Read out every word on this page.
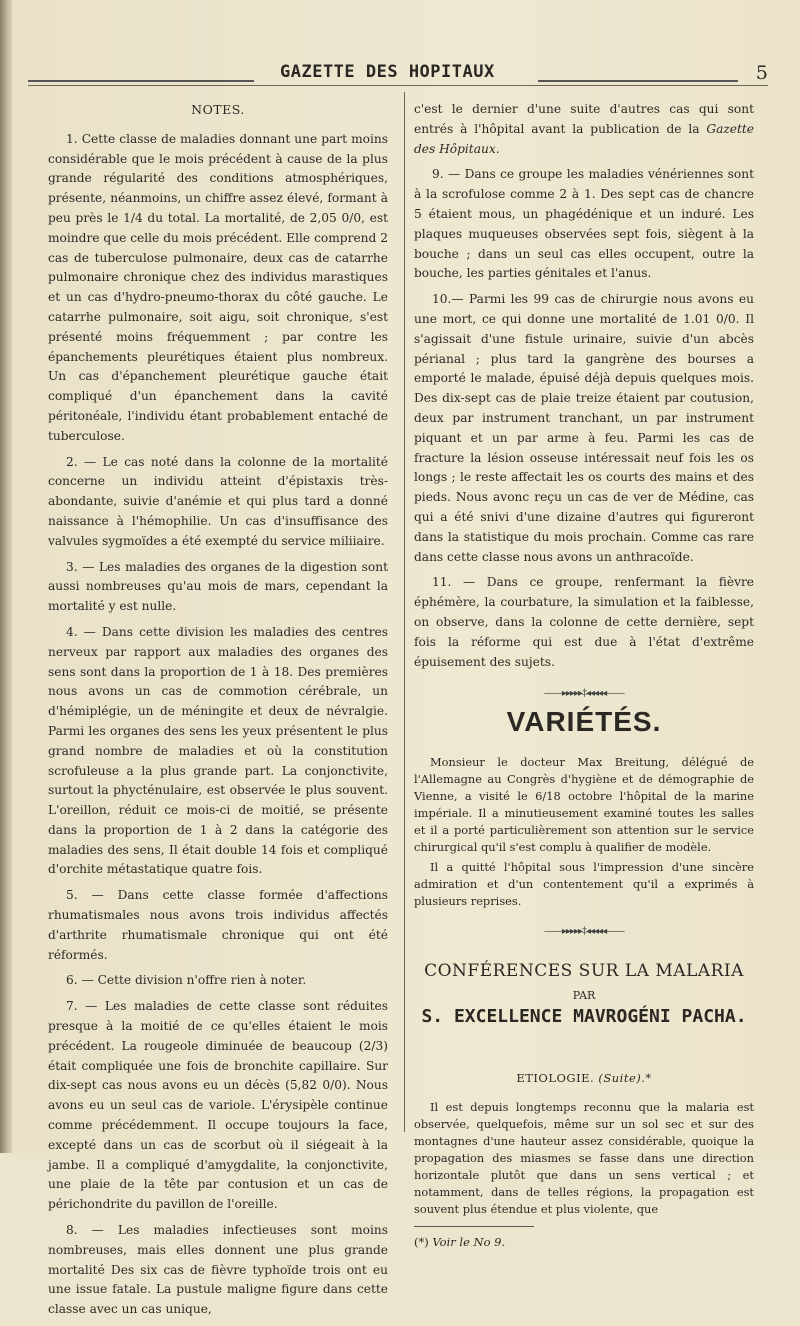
GAZETTE DES HOPITAUX	5
NOTES.

1. Cette classe de maladies donnant une part moins considérable que le mois précédent à cause de la plus grande régularité des conditions atmosphériques, présente, néanmoins, un chiffre assez élevé, formant à peu près le 1/4 du total. La mortalité, de 2,05 0/0, est moindre que celle du mois précédent. Elle comprend 2 cas de tuberculose pulmonaire, deux cas de catarrhe pulmonaire chronique chez des individus marastiques et un cas d'hydro-pneumo-thorax du côté gauche. Le catarrhe pulmonaire, soit aigu, soit chronique, s'est présenté moins fréquemment ; par contre les épanchements pleurétiques étaient plus nombreux. Un cas d'épanchement pleurétique gauche était compliqué d'un épanchement dans la cavité péritonéale, l'individu étant probablement entaché de tuberculose.

2. — Le cas noté dans la colonne de la mortalité concerne un individu atteint d'épistaxis très-abondante, suivie d'anémie et qui plus tard a donné naissance à l'hémophilie. Un cas d'insuffisance des valvules sygmoïdes a été exempté du service miliiaire.

3. — Les maladies des organes de la digestion sont aussi nombreuses qu'au mois de mars, cependant la mortalité y est nulle.

4. — Dans cette division les maladies des centres nerveux par rapport aux maladies des organes des sens sont dans la proportion de 1 à 18. Des premières nous avons un cas de commotion cérébrale, un d'hémiplégie, un de méningite et deux de névralgie. Parmi les organes des sens les yeux présentent le plus grand nombre de maladies et où la constitution scrofuleuse a la plus grande part. La conjonctivite, surtout la phycténulaire, est observée le plus souvent. L'oreillon, réduit ce mois-ci de moitié, se présente dans la proportion de 1 à 2 dans la catégorie des maladies des sens, Il était double 14 fois et compliqué d'orchite métastatique quatre fois.

5. — Dans cette classe formée d'affections rhumatismales nous avons trois individus affectés d'arthrite rhumatismale chronique qui ont été réformés.

6. — Cette division n'offre rien à noter.

7. — Les maladies de cette classe sont réduites presque à la moitié de ce qu'elles étaient le mois précédent. La rougeole diminuée de beaucoup (2/3) était compliquée une fois de bronchite capillaire. Sur dix-sept cas nous avons eu un décès (5,82 0/0). Nous avons eu un seul cas de variole. L'érysipèle continue comme précédemment. Il occupe toujours la face, excepté dans un cas de scorbut où il siégeait à la jambe. Il a compliqué d'amygdalite, la conjonctivite, une plaie de la tête par contusion et un cas de périchondrite du pavillon de l'oreille.

8. — Les maladies infectieuses sont moins nombreuses, mais elles donnent une plus grande mortalité Des six cas de fièvre typhoïde trois ont eu une issue fatale. La pustule maligne figure dans cette classe avec un cas unique,

c'est le dernier d'une suite d'autres cas qui sont entrés à l'hôpital avant la publication de la Gazette des Hôpitaux.

9. — Dans ce groupe les maladies vénériennes sont à la scrofulose comme 2 à 1. Des sept cas de chancre 5 étaient mous, un phagédénique et un induré. Les plaques muqueuses observées sept fois, siègent à la bouche ; dans un seul cas elles occupent, outre la bouche, les parties génitales et l'anus.

10.— Parmi les 99 cas de chirurgie nous avons eu une mort, ce qui donne une mortalité de 1.01 0/0. Il s'agissait d'une fistule urinaire, suivie d'un abcès périanal ; plus tard la gangrène des bourses a emporté le malade, épuisé déjà depuis quelques mois. Des dix-sept cas de plaie treize étaient par coutusion, deux par instrument tranchant, un par instrument piquant et un par arme à feu. Parmi les cas de fracture la lésion osseuse intéressait neuf fois les os longs ; le reste affectait les os courts des mains et des pieds. Nous avonc reçu un cas de ver de Médine, cas qui a été snivi d'une dizaine d'autres qui figureront dans la statistique du mois prochain. Comme cas rare dans cette classe nous avons un anthracoïde.

11. — Dans ce groupe, renfermant la fièvre éphémère, la courbature, la simulation et la faiblesse, on observe, dans la colonne de cette dernière, sept fois la réforme qui est due à l'état d'extrême épuisement des sujets.

——▸▸▸▸▸‡◂◂◂◂◂——
VARIÉTÉS.

Monsieur le docteur Max Breitung, délégué de l'Allemagne au Congrès d'hygiène et de démographie de Vienne, a visité le 6/18 octobre l'hôpital de la marine impériale. Il a minutieusement examiné toutes les salles et il a porté particulièrement son attention sur le service chirurgical qu'il s'est complu à qualifier de modèle.

Il a quitté l'hôpital sous l'impression d'une sincère admiration et d'un contentement qu'il a exprimés à plusieurs reprises.

——▸▸▸▸▸‡◂◂◂◂◂——
CONFÉRENCES SUR LA MALARIA
PAR
S. EXCELLENCE MAVROGÉNI PACHA.
ETIOLOGIE. (Suite).*

Il est depuis longtemps reconnu que la malaria est observée, quelquefois, même sur un sol sec et sur des montagnes d'une hauteur assez considérable, quoique la propagation des miasmes se fasse dans une direction horizontale plutôt que dans un sens vertical ; et notamment, dans de telles régions, la propagation est souvent plus étendue et plus violente, que

(*) Voir le No 9.
